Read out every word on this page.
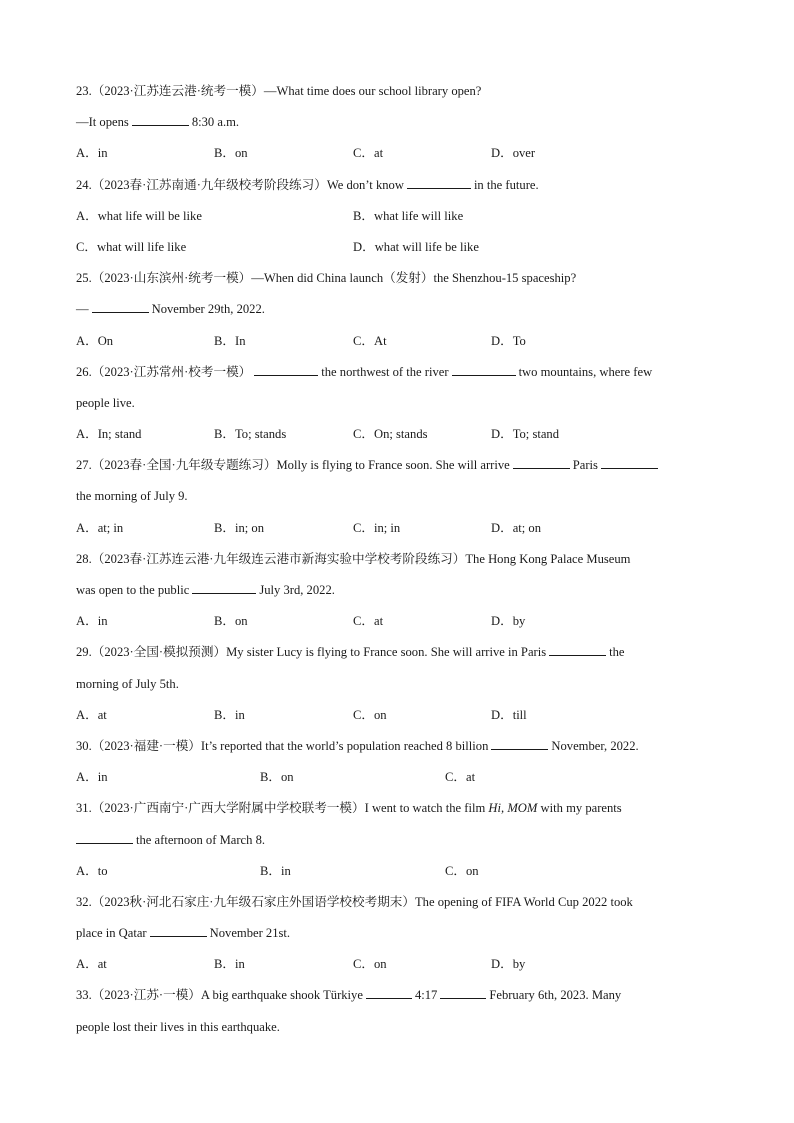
23.（2023·江苏连云港·统考一模）—What time does our school library open?
—It opens	8:30 a.m.
A．in	B．on	C．at	D．over
24.（2023春·江苏南通·九年级校考阶段练习）We don’t know	in the future.
A．what life will be like	B．what life will like
C．what will life like	D．what will life be like
25.（2023·山东滨州·统考一模）—When did China launch（发射）the Shenzhou-15 spaceship?
—	November 29th, 2022.
A．On	B．In	C．At	D．To
26.（2023·江苏常州·校考一模）	the northwest of the river	two mountains, where few
people live.
A．In; stand	B．To; stands	C．On; stands	D．To; stand
27.（2023春·全国·九年级专题练习）Molly is flying to France soon. She will arrive	Paris
the morning of July 9.
A．at; in	B．in; on	C．in; in	D．at; on
28.（2023春·江苏连云港·九年级连云港市新海实验中学校考阶段练习）The Hong Kong Palace Museum
was open to the public	July 3rd, 2022.
A．in	B．on	C．at	D．by
29.（2023·全国·模拟预测）My sister Lucy is flying to France soon. She will arrive in Paris	the
morning of July 5th.
A．at	B．in	C．on	D．till
30.（2023·福建·一模）It’s reported that the world’s population reached 8 billion	November, 2022.
A．in	B．on	C．at
31.（2023·广西南宁·广西大学附属中学校联考一模）I went to watch the film Hi, MOM with my parents
the afternoon of March 8.
A．to	B．in	C．on
32.（2023秋·河北石家庄·九年级石家庄外国语学校校考期末）The opening of FIFA World Cup 2022 took
place in Qatar	November 21st.
A．at	B．in	C．on	D．by
33.（2023·江苏·一模）A big earthquake shook Türkiye	4:17	February 6th, 2023. Many
people lost their lives in this earthquake.
